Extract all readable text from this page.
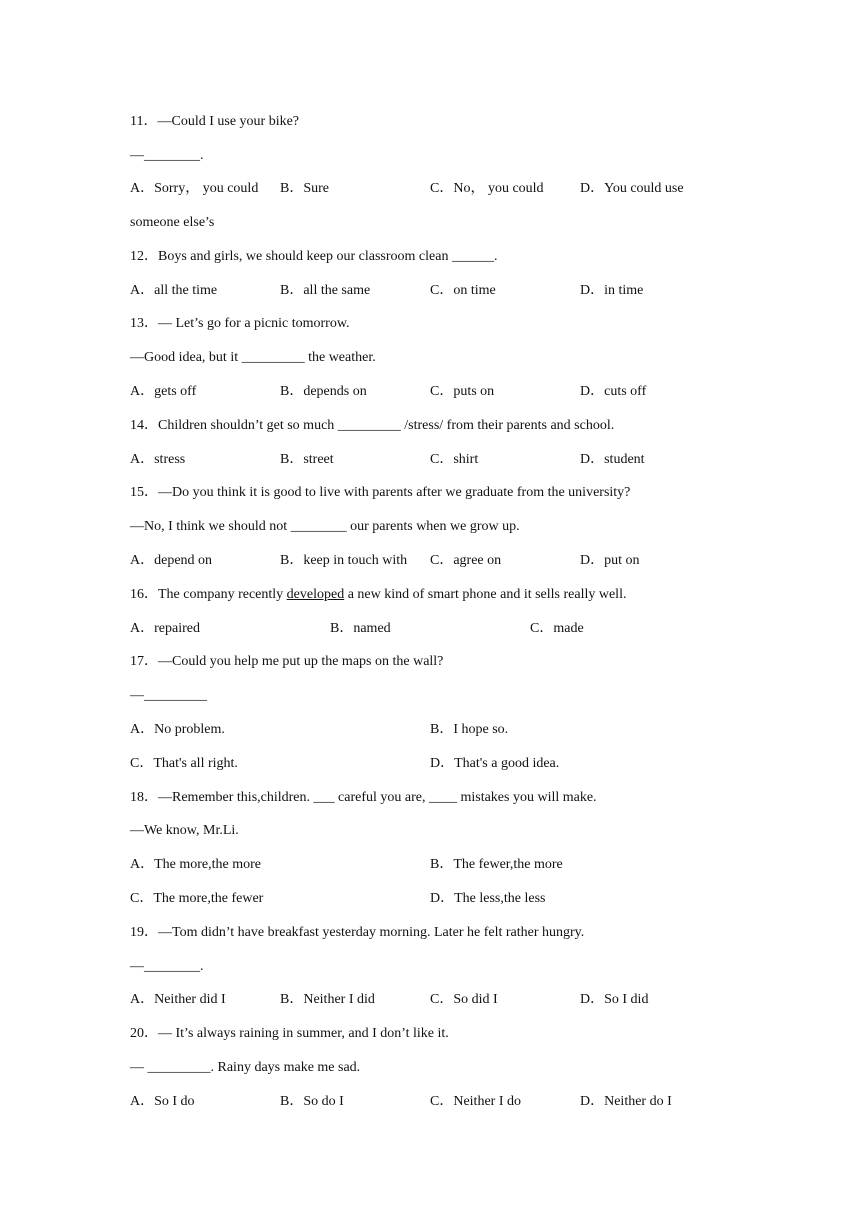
11．—Could I use your bike?
—________.
A．Sorry， you could B．Sure	C．No， you could	D．You could use
someone else’s
12．Boys and girls, we should keep our classroom clean ______.
A．all the time	B．all the same	C．on time	D．in time
13．— Let’s go for a picnic tomorrow.
—Good idea, but it _________ the weather.
A．gets off	B．depends on	C．puts on	D．cuts off
14．Children shouldn’t get so much _________ /stress/ from their parents and school.
A．stress	B．street	C．shirt	D．student
15．—Do you think it is good to live with parents after we graduate from the university?
—No, I think we should not ________ our parents when we grow up.
A．depend on	B．keep in touch with C．agree on	D．put on
16．The company recently developed a new kind of smart phone and it sells really well.
A．repaired	B．named	C．made
17．—Could you help me put up the maps on the wall?
—_________
A．No problem.	B．I hope so.
C．That's all right.	D．That's a good idea.
18．—Remember this,children. ___ careful you are, ____ mistakes you will make.
—We know, Mr.Li.
A．The more,the more	B．The fewer,the more
C．The more,the fewer	D．The less,the less
19．—Tom didn’t have breakfast yesterday morning. Later he felt rather hungry.
—________.
A．Neither did I	B．Neither I did	C．So did I	D．So I did
20．— It’s always raining in summer, and I don’t like it.
— _________. Rainy days make me sad.
A．So I do	B．So do I	C．Neither I do	D．Neither do I
